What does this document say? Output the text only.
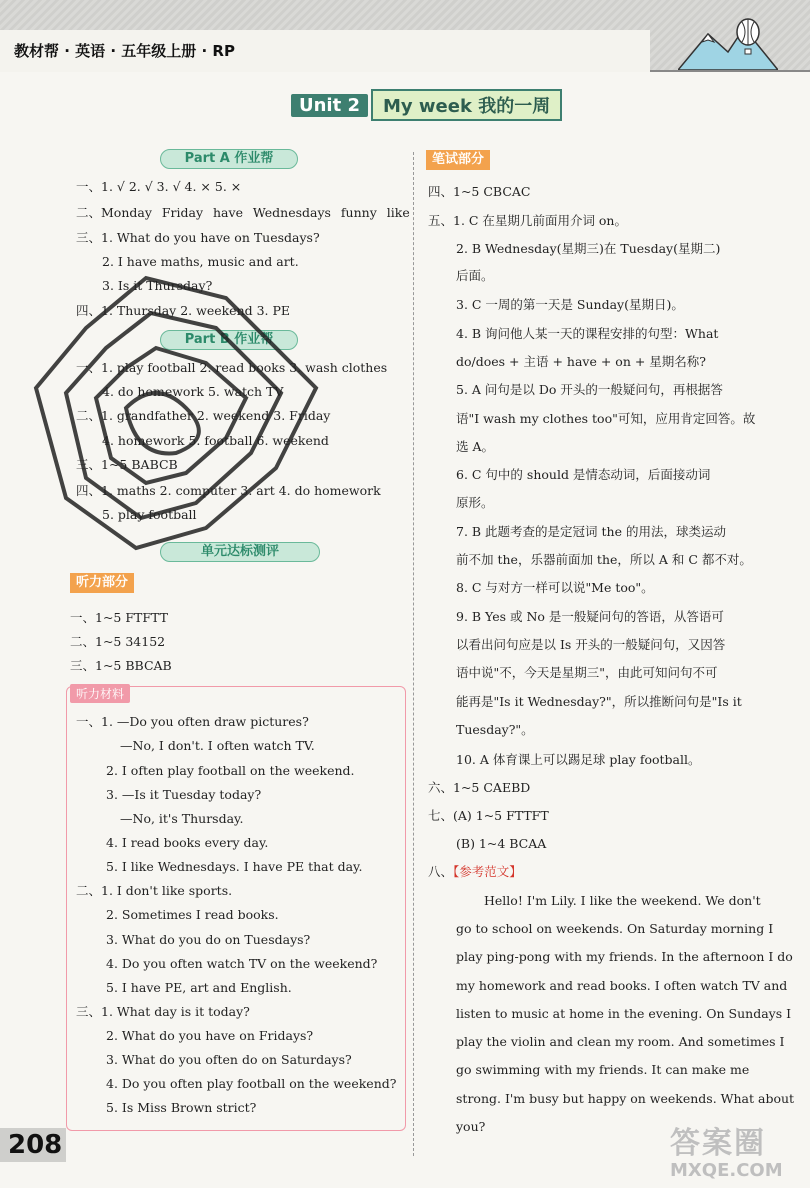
教材帮 · 英语 · 五年级上册 · RP
Unit 2	My week 我的一周
Part A 作业帮
一、1. √ 2. √ 3. √ 4. × 5. ×
二、Monday Friday have Wednesdays funny like
三、1. What do you have on Tuesdays?
2. I have maths, music and art.
3. Is it Thursday?
四、1. Thursday 2. weekend 3. PE
Part B 作业帮
一、1. play football 2. read books 3. wash clothes
4. do homework 5. watch TV
二、1. grandfather 2. weekend 3. Friday
4. homework 5. football 6. weekend
三、1~5 BABCB
四、1. maths 2. computer 3. art 4. do homework
5. play football
单元达标测评
听力部分
一、1~5 FTFTT
二、1~5 34152
三、1~5 BBCAB
听力材料
一、1. —Do you often draw pictures?
—No, I don't. I often watch TV.
2. I often play football on the weekend.
3. —Is it Tuesday today?
—No, it's Thursday.
4. I read books every day.
5. I like Wednesdays. I have PE that day.
二、1. I don't like sports.
2. Sometimes I read books.
3. What do you do on Tuesdays?
4. Do you often watch TV on the weekend?
5. I have PE, art and English.
三、1. What day is it today?
2. What do you have on Fridays?
3. What do you often do on Saturdays?
4. Do you often play football on the weekend?
5. Is Miss Brown strict?
笔试部分
四、1~5 CBCAC
五、1. C 在星期几前面用介词 on。
2. B Wednesday(星期三)在 Tuesday(星期二)
后面。
3. C 一周的第一天是 Sunday(星期日)。
4. B 询问他人某一天的课程安排的句型：What
do/does + 主语 + have + on + 星期名称?
5. A 问句是以 Do 开头的一般疑问句，再根据答
语"I wash my clothes too"可知，应用肯定回答。故
选 A。
6. C 句中的 should 是情态动词，后面接动词
原形。
7. B 此题考查的是定冠词 the 的用法，球类运动
前不加 the，乐器前面加 the，所以 A 和 C 都不对。
8. C 与对方一样可以说"Me too"。
9. B Yes 或 No 是一般疑问句的答语，从答语可
以看出问句应是以 Is 开头的一般疑问句，又因答
语中说"不，今天是星期三"，由此可知问句不可
能再是"Is it Wednesday?"，所以推断问句是"Is it
Tuesday?"。
10. A 体育课上可以踢足球 play football。
六、1~5 CAEBD
七、(A) 1~5 FTTFT
(B) 1~4 BCAA
八、【参考范文】
Hello! I'm Lily. I like the weekend. We don't
go to school on weekends. On Saturday morning I
play ping-pong with my friends. In the afternoon I do
my homework and read books. I often watch TV and
listen to music at home in the evening. On Sundays I
play the violin and clean my room. And sometimes I
go swimming with my friends. It can make me
strong. I'm busy but happy on weekends. What about
you?
208	答案圈
MXQE.COM
